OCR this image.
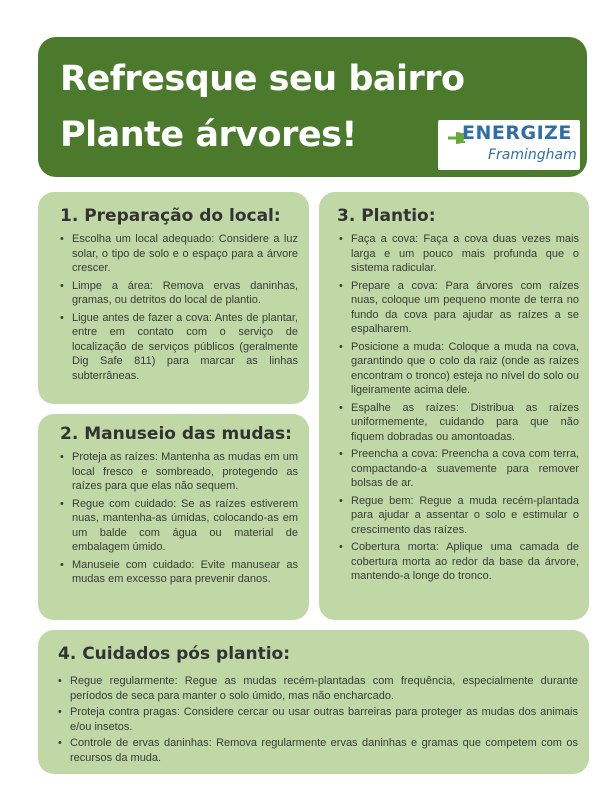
Refresque seu bairro
Plante árvores!	ENERGIZE
Framingham
1. Preparação do local:
• Escolha um local adequado: Considere a luz solar, o tipo de solo e o espaço para a árvore crescer.
• Limpe a área: Remova ervas daninhas, gramas, ou detritos do local de plantio.
• Ligue antes de fazer a cova: Antes de plantar, entre em contato com o serviço de localização de serviços públicos (geralmente Dig Safe 811) para marcar as linhas subterrâneas.
2. Manuseio das mudas:
• Proteja as raízes: Mantenha as mudas em um local fresco e sombreado, protegendo as raízes para que elas não sequem.
• Regue com cuidado: Se as raízes estiverem nuas, mantenha-as úmidas, colocando-as em um balde com água ou material de embalagem úmido.
• Manuseie com cuidado: Evite manusear as mudas em excesso para prevenir danos.
3. Plantio:
• Faça a cova: Faça a cova duas vezes mais larga e um pouco mais profunda que o sistema radicular.
• Prepare a cova: Para árvores com raízes nuas, coloque um pequeno monte de terra no fundo da cova para ajudar as raízes a se espalharem.
• Posicione a muda: Coloque a muda na cova, garantindo que o colo da raiz (onde as raízes encontram o tronco) esteja no nível do solo ou ligeiramente acima dele.
• Espalhe as raízes: Distribua as raízes uniformemente, cuidando para que não fiquem dobradas ou amontoadas.
• Preencha a cova: Preencha a cova com terra, compactando-a suavemente para remover bolsas de ar.
• Regue bem: Regue a muda recém-plantada para ajudar a assentar o solo e estimular o crescimento das raízes.
• Cobertura morta: Aplique uma camada de cobertura morta ao redor da base da árvore, mantendo-a longe do tronco.
4. Cuidados pós plantio:
• Regue regularmente: Regue as mudas recém-plantadas com frequência, especialmente durante períodos de seca para manter o solo úmido, mas não encharcado.
• Proteja contra pragas: Considere cercar ou usar outras barreiras para proteger as mudas dos animais e/ou insetos.
• Controle de ervas daninhas: Remova regularmente ervas daninhas e gramas que competem com os recursos da muda.
